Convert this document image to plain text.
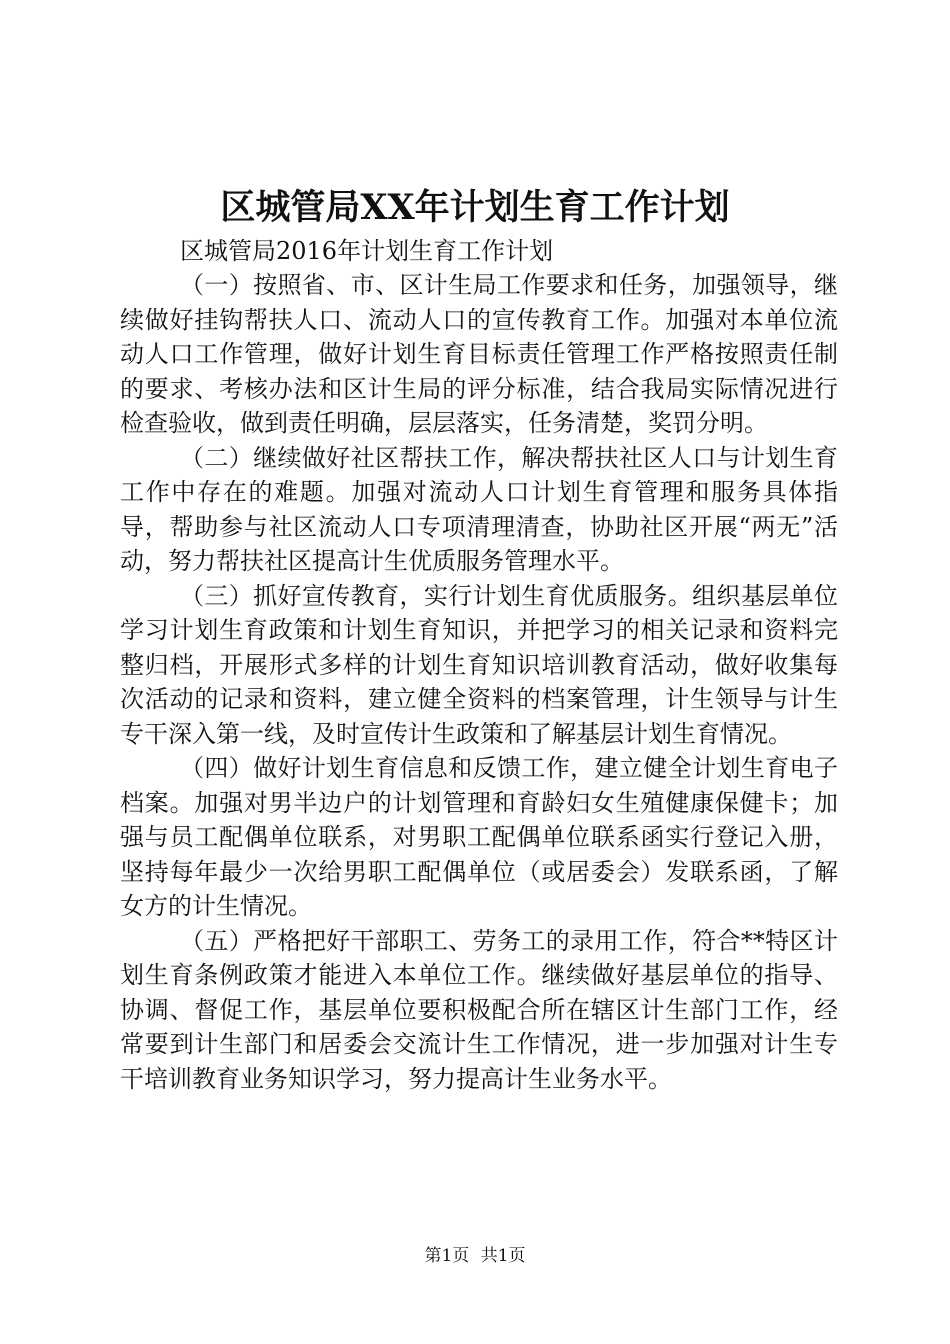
区城管局XX年计划生育工作计划

区城管局2016年计划生育工作计划

（一）按照省、市、区计生局工作要求和任务，加强领导，继续做好挂钩帮扶人口、流动人口的宣传教育工作。加强对本单位流动人口工作管理，做好计划生育目标责任管理工作严格按照责任制的要求、考核办法和区计生局的评分标准，结合我局实际情况进行检查验收，做到责任明确，层层落实，任务清楚，奖罚分明。

（二）继续做好社区帮扶工作，解决帮扶社区人口与计划生育工作中存在的难题。加强对流动人口计划生育管理和服务具体指导，帮助参与社区流动人口专项清理清查，协助社区开展“两无”活动，努力帮扶社区提高计生优质服务管理水平。

（三）抓好宣传教育，实行计划生育优质服务。组织基层单位学习计划生育政策和计划生育知识，并把学习的相关记录和资料完整归档，开展形式多样的计划生育知识培训教育活动，做好收集每次活动的记录和资料，建立健全资料的档案管理，计生领导与计生专干深入第一线，及时宣传计生政策和了解基层计划生育情况。

（四）做好计划生育信息和反馈工作，建立健全计划生育电子档案。加强对男半边户的计划管理和育龄妇女生殖健康保健卡；加强与员工配偶单位联系，对男职工配偶单位联系函实行登记入册，坚持每年最少一次给男职工配偶单位（或居委会）发联系函，了解女方的计生情况。

（五）严格把好干部职工、劳务工的录用工作，符合**特区计划生育条例政策才能进入本单位工作。继续做好基层单位的指导、协调、督促工作，基层单位要积极配合所在辖区计生部门工作，经常要到计生部门和居委会交流计生工作情况，进一步加强对计生专干培训教育业务知识学习，努力提高计生业务水平。

第1页 共1页
